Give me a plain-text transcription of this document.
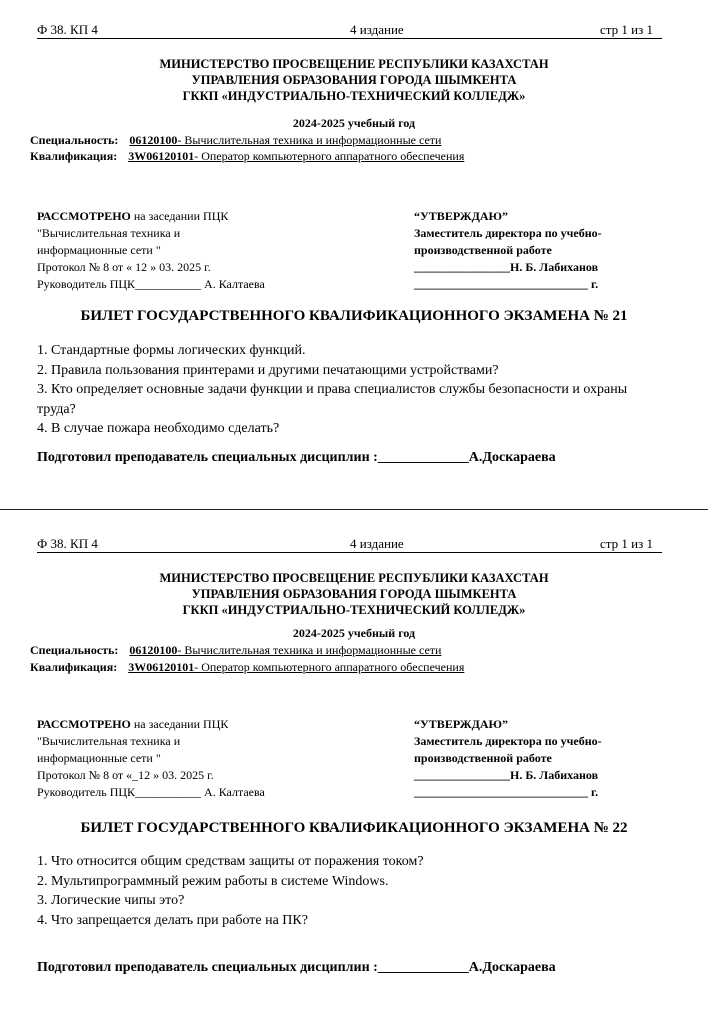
Ф 38. КП 4	4 издание	стр 1 из 1
МИНИСТЕРСТВО ПРОСВЕЩЕНИЕ РЕСПУБЛИКИ КАЗАХСТАН
УПРАВЛЕНИЯ ОБРАЗОВАНИЯ ГОРОДА ШЫМКЕНТА
ГККП «ИНДУСТРИАЛЬНО-ТЕХНИЧЕСКИЙ КОЛЛЕДЖ»
2024-2025 учебный год
Специальность: 06120100- Вычислительная техника и информационные сети
Квалификация: 3W06120101- Оператор компьютерного аппаратного обеспечения
РАССМОТРЕНО на заседании ПЦК
"Вычислительная техника и
информационные сети "
Протокол № 8 от « 12 » 03. 2025 г.
Руководитель ПЦК___________ А. Калтаева
“УТВЕРЖДАЮ”
Заместитель директора по учебно-
производственной работе
________________Н. Б. Лабиханов
_____________________________ г.
БИЛЕТ ГОСУДАРСТВЕННОГО КВАЛИФИКАЦИОННОГО ЭКЗАМЕНА № 21
1. Стандартные формы логических функций.
2. Правила пользования принтерами и другими печатающими устройствами?
3. Кто определяет основные задачи функции и права специалистов службы безопасности и охраны труда?
4. В случае пожара необходимо сделать?
Подготовил преподаватель специальных дисциплин :_____________А.Доскараева
Ф 38. КП 4	4 издание	стр 1 из 1
МИНИСТЕРСТВО ПРОСВЕЩЕНИЕ РЕСПУБЛИКИ КАЗАХСТАН
УПРАВЛЕНИЯ ОБРАЗОВАНИЯ ГОРОДА ШЫМКЕНТА
ГККП «ИНДУСТРИАЛЬНО-ТЕХНИЧЕСКИЙ КОЛЛЕДЖ»
2024-2025 учебный год
Специальность: 06120100- Вычислительная техника и информационные сети
Квалификация: 3W06120101- Оператор компьютерного аппаратного обеспечения
РАССМОТРЕНО на заседании ПЦК
"Вычислительная техника и
информационные сети "
Протокол № 8 от «_12 » 03. 2025 г.
Руководитель ПЦК___________ А. Калтаева
“УТВЕРЖДАЮ”
Заместитель директора по учебно-
производственной работе
________________Н. Б. Лабиханов
_____________________________ г.
БИЛЕТ ГОСУДАРСТВЕННОГО КВАЛИФИКАЦИОННОГО ЭКЗАМЕНА № 22
1. Что относится общим средствам защиты от поражения током?
2. Мультипрограммный режим работы в системе Windows.
3. Логические чипы это?
4. Что запрещается делать при работе на ПК?
Подготовил преподаватель специальных дисциплин :_____________А.Доскараева
